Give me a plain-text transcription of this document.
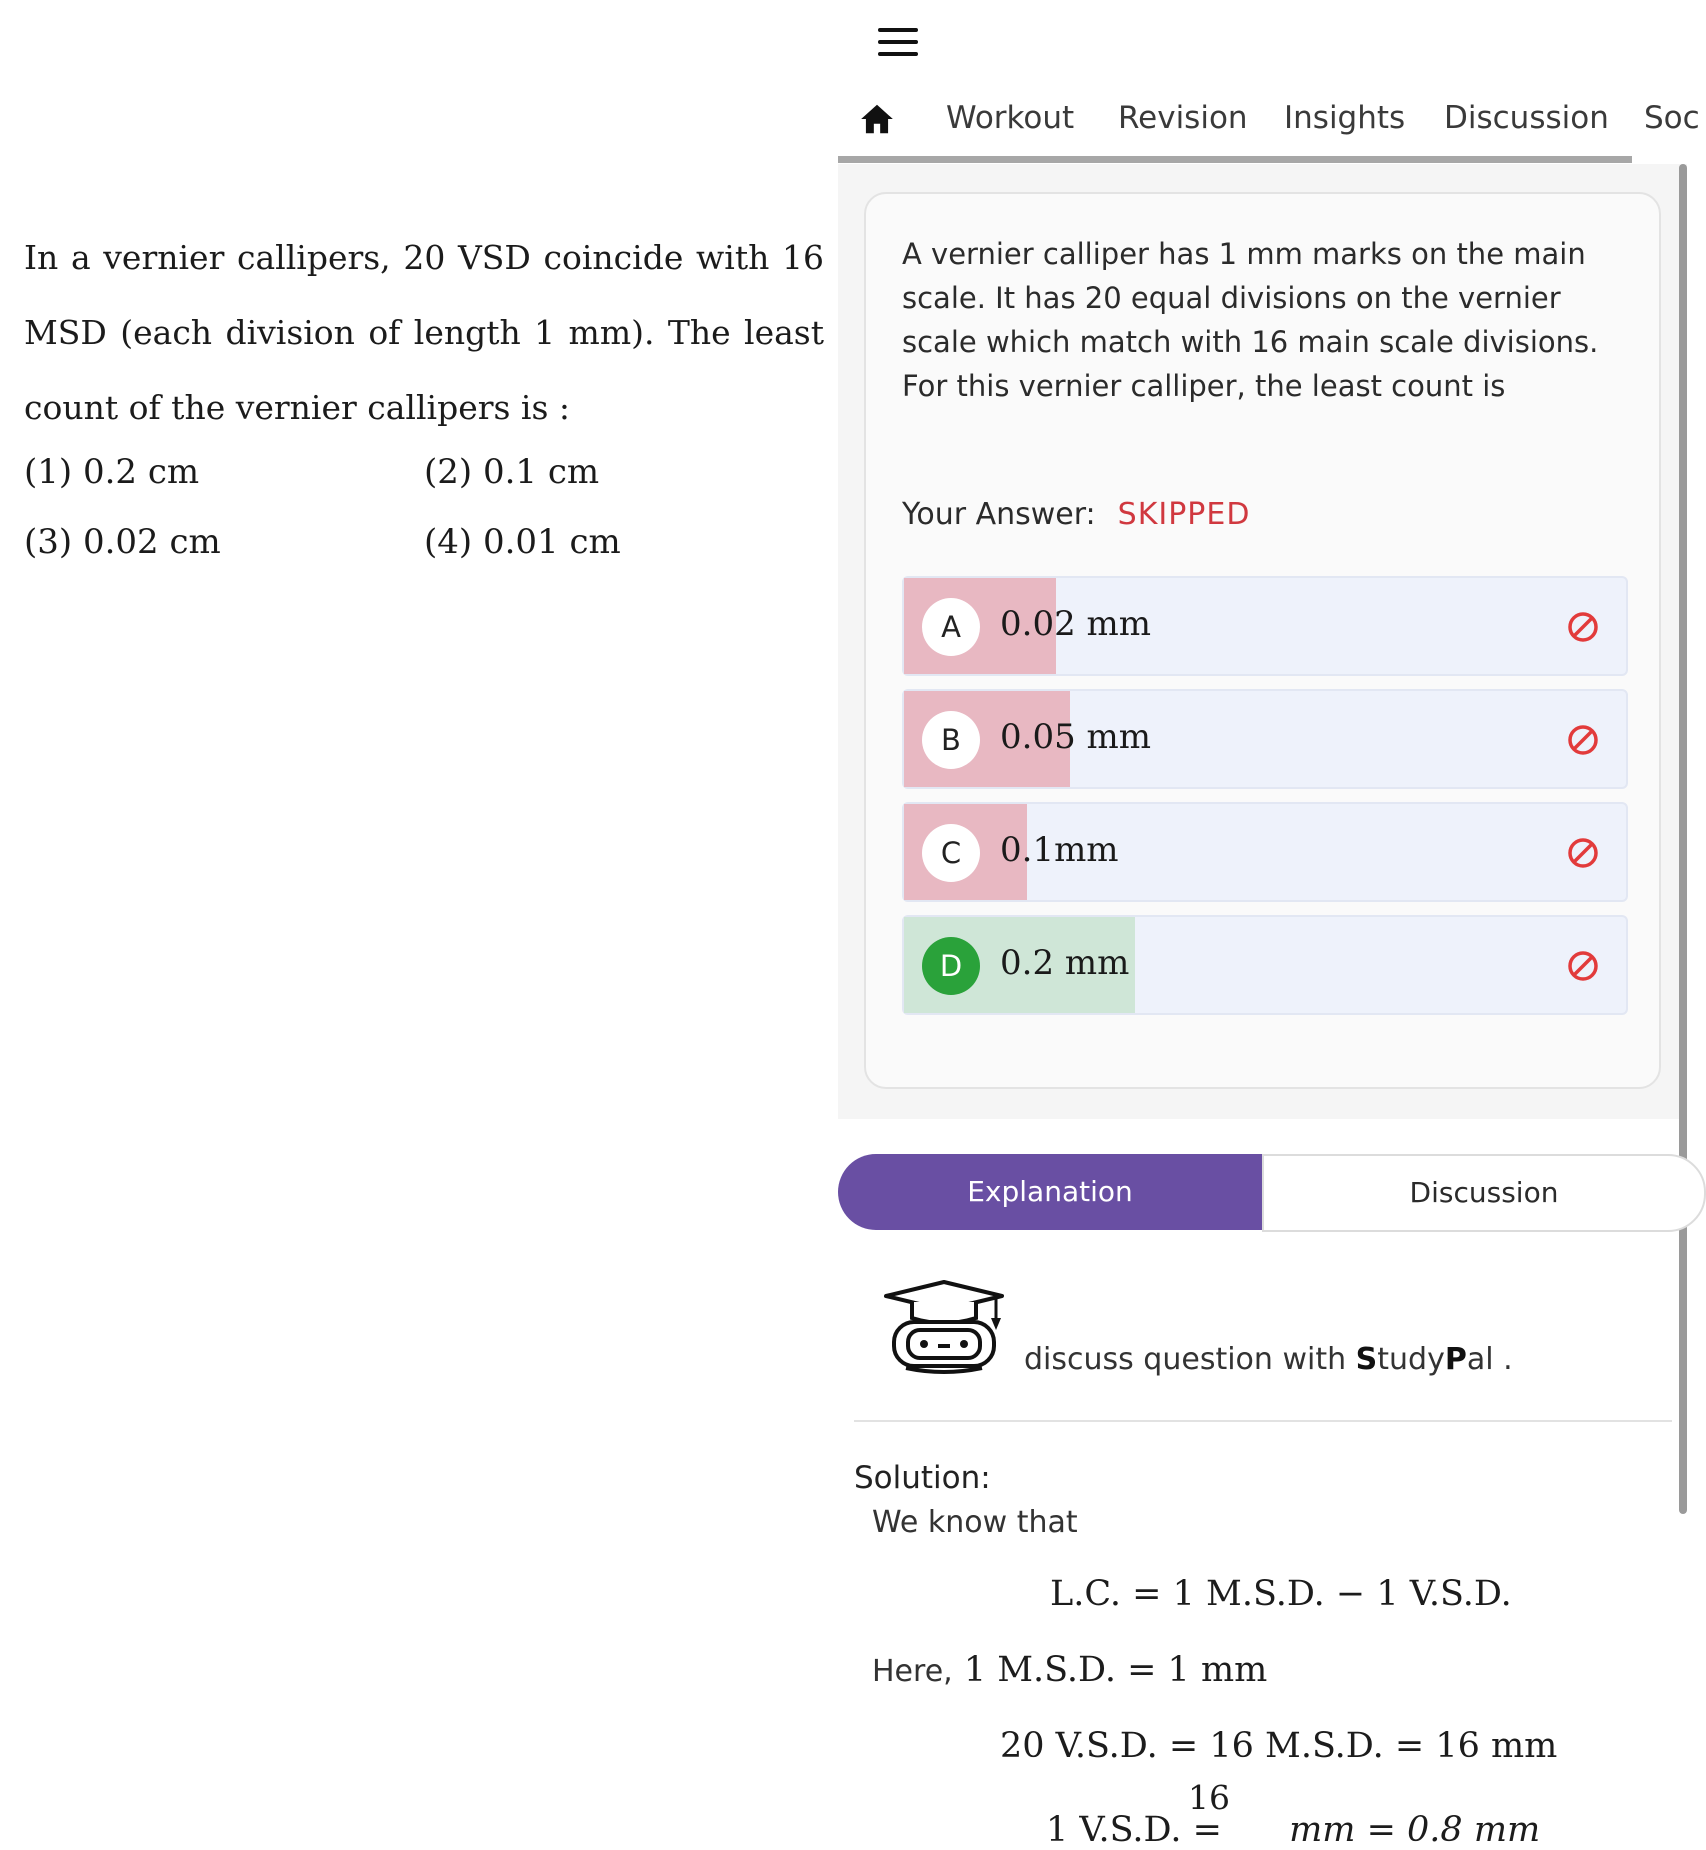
In a vernier callipers, 20 VSD coincide with 16 MSD (each division of length 1 mm). The least count of the vernier callipers is :

(1) 0.2 cm	(2) 0.1 cm
(3) 0.02 cm	(4) 0.01 cm
Workout Revision Insights Discussion Soc
A vernier calliper has 1 mm marks on the main scale. It has 20 equal divisions on the vernier scale which match with 16 main scale divisions. For this vernier calliper, the least count is
Your Answer: SKIPPED
A	0.02 mm
B	0.05 mm
C	0.1mm
D	0.2 mm
Explanation	Discussion
discuss question with StudyPal .
Solution:
We know that
L.C. = 1 M.S.D. − 1 V.S.D.
Here, 1 M.S.D. = 1 mm
20 V.S.D. = 16 M.S.D. = 16 mm
1 V.S.D. =
16
mm = 0.8 mm
